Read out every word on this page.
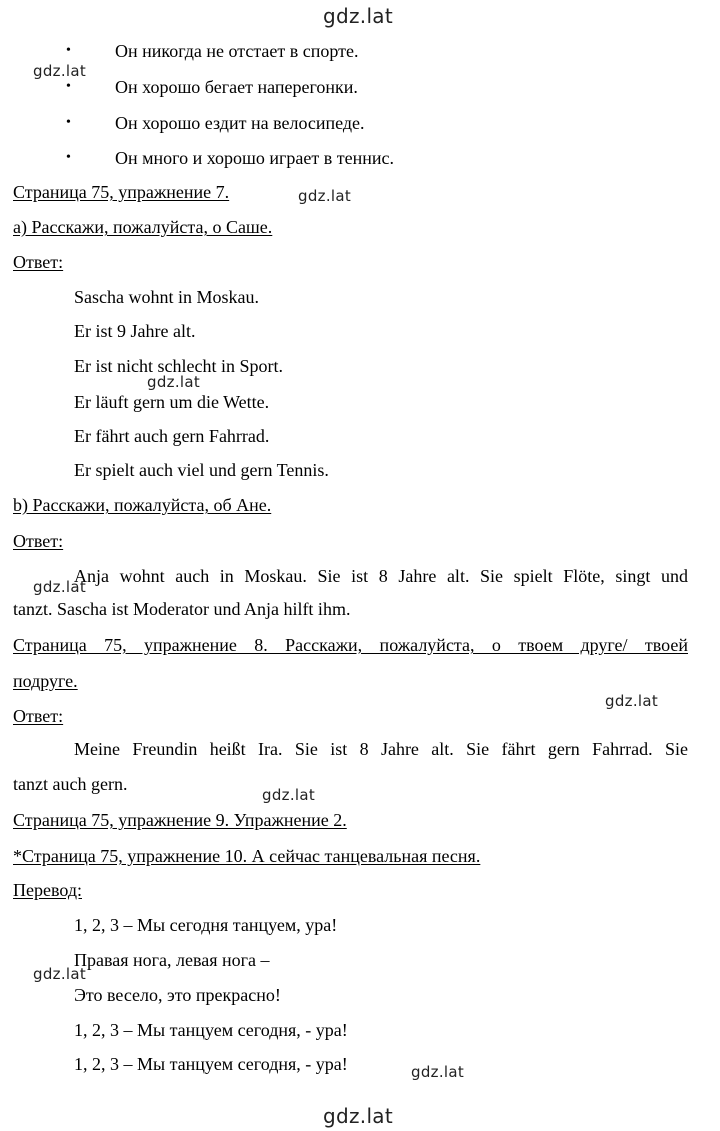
gdz.lat
gdz.lat
gdz.lat
gdz.lat
gdz.lat
gdz.lat
gdz.lat
gdz.lat
gdz.lat
gdz.lat
• Он никогда не отстает в спорте.
• Он хорошо бегает наперегонки.
• Он хорошо ездит на велосипеде.
• Он много и хорошо играет в теннис.
Страница 75, упражнение 7.
а) Расскажи, пожалуйста, о Саше.
Ответ:
Sascha wohnt in Moskau.
Er ist 9 Jahre alt.
Er ist nicht schlecht in Sport.
Er läuft gern um die Wette.
Er fährt auch gern Fahrrad.
Er spielt auch viel und gern Tennis.
b) Расскажи, пожалуйста, об Ане.
Ответ:
Anja wohnt auch in Moskau. Sie ist 8 Jahre alt. Sie spielt Flöte, singt und
tanzt. Sascha ist Moderator und Anja hilft ihm.
Страница 75, упражнение 8. Расскажи, пожалуйста, о твоем друге/ твоей
подруге.
Ответ:
Meine Freundin heißt Ira. Sie ist 8 Jahre alt. Sie fährt gern Fahrrad. Sie
tanzt auch gern.
Страница 75, упражнение 9. Упражнение 2.
*Страница 75, упражнение 10. А сейчас танцевальная песня.
Перевод:
1, 2, 3 – Мы сегодня танцуем, ура!
Правая нога, левая нога –
Это весело, это прекрасно!
1, 2, 3 – Мы танцуем сегодня, - ура!
1, 2, 3 – Мы танцуем сегодня, - ура!
